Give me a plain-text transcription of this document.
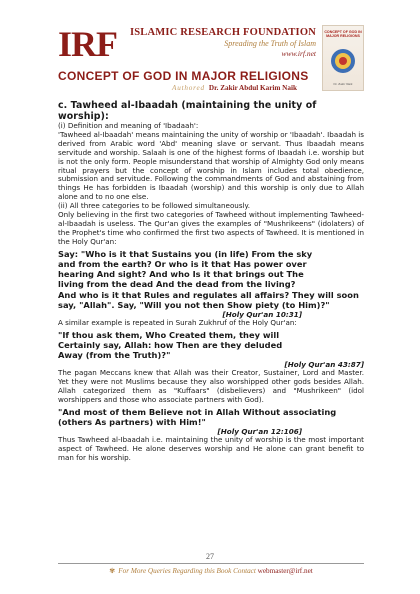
IRF	ISLAMIC RESEARCH FOUNDATION
Spreading the Truth of Islam
www.irf.net
CONCEPT OF GOD IN MAJOR RELIGIONS
Dr. Zakir Naik
CONCEPT OF GOD IN MAJOR RELIGIONS
Authored Dr. Zakir Abdul Karim Naik
c. Tawheed al-Ibaadah (maintaining the unity of worship):

(i) Definition and meaning of 'Ibadaah':

'Tawheed al-Ibaadah' means maintaining the unity of worship or 'Ibaadah'. Ibaadah is derived from Arabic word 'Abd' meaning slave or servant. Thus Ibaadah means servitude and worship. Salaah is one of the highest forms of Ibaadah i.e. worship but is not the only form. People misunderstand that worship of Almighty God only means ritual prayers but the concept of worship in Islam includes total obedience, submission and servitude. Following the commandments of God and abstaining from things He has forbidden is Ibaadah (worship) and this worship is only due to Allah alone and to no one else.

(ii) All three categories to be followed simultaneously.

Only believing in the first two categories of Tawheed without implementing Tawheed-al-Ibaadah is useless. The Qur'an gives the examples of "Mushrikeens" (idolaters) of the Prophet's time who confirmed the first two aspects of Tawheed. It is mentioned in the Holy Qur'an:

Say: "Who is it that Sustains you (in life) From the sky

and from the earth? Or who is it that Has power over

hearing And sight? And who Is it that brings out The

living from the dead And the dead from the living?

And who is it that Rules and regulates all affairs? They will soon say, "Allah". Say, "Will you not then Show piety (to Him)?"

[Holy Qur'an 10:31]

A similar example is repeated in Surah Zukhruf of the Holy Qur'an:

"If thou ask them, Who Created them, they will

Certainly say, Allah: how Then are they deluded

Away (from the Truth)?"

[Holy Qur'an 43:87]

The pagan Meccans knew that Allah was their Creator, Sustainer, Lord and Master. Yet they were not Muslims because they also worshipped other gods besides Allah. Allah categorized them as "Kuffaars" (disbelievers) and "Mushrikeen" (idol worshippers and those who associate partners with God).

"And most of them Believe not in Allah Without associating (others As partners) with Him!"

[Holy Qur'an 12:106]

Thus Tawheed al-Ibaadah i.e. maintaining the unity of worship is the most important aspect of Tawheed. He alone deserves worship and He alone can grant benefit to man for his worship.

27
✾ For More Queries Regarding this Book Contact webmaster@irf.net
